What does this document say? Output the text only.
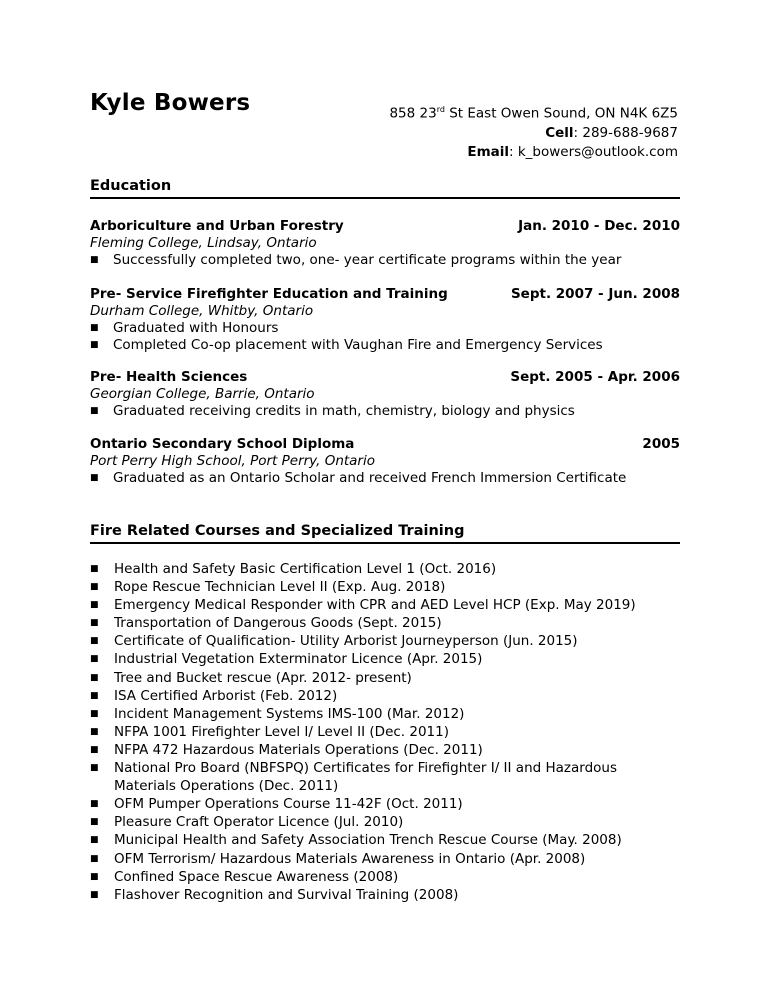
Kyle Bowers	858 23rd St East Owen Sound, ON N4K 6Z5
Cell: 289-688-9687
Email: k_bowers@outlook.com
Education
Arboriculture and Urban Forestry	Jan. 2010 - Dec. 2010
Fleming College, Lindsay, Ontario
■	Successfully completed two, one- year certificate programs within the year
Pre- Service Firefighter Education and Training	Sept. 2007 - Jun. 2008
Durham College, Whitby, Ontario
■	Graduated with Honours
■	Completed Co-op placement with Vaughan Fire and Emergency Services
Pre- Health Sciences	Sept. 2005 - Apr. 2006
Georgian College, Barrie, Ontario
■	Graduated receiving credits in math, chemistry, biology and physics
Ontario Secondary School Diploma	2005
Port Perry High School, Port Perry, Ontario
■	Graduated as an Ontario Scholar and received French Immersion Certificate
Fire Related Courses and Specialized Training
■	Health and Safety Basic Certification Level 1 (Oct. 2016)
■	Rope Rescue Technician Level II (Exp. Aug. 2018)
■	Emergency Medical Responder with CPR and AED Level HCP (Exp. May 2019)
■	Transportation of Dangerous Goods (Sept. 2015)
■	Certificate of Qualification- Utility Arborist Journeyperson (Jun. 2015)
■	Industrial Vegetation Exterminator Licence (Apr. 2015)
■	Tree and Bucket rescue (Apr. 2012- present)
■	ISA Certified Arborist (Feb. 2012)
■	Incident Management Systems IMS-100 (Mar. 2012)
■	NFPA 1001 Firefighter Level I/ Level II (Dec. 2011)
■	NFPA 472 Hazardous Materials Operations (Dec. 2011)
■	National Pro Board (NBFSPQ) Certificates for Firefighter I/ II and Hazardous Materials Operations (Dec. 2011)
■	OFM Pumper Operations Course 11-42F (Oct. 2011)
■	Pleasure Craft Operator Licence (Jul. 2010)
■	Municipal Health and Safety Association Trench Rescue Course (May. 2008)
■	OFM Terrorism/ Hazardous Materials Awareness in Ontario (Apr. 2008)
■	Confined Space Rescue Awareness (2008)
■	Flashover Recognition and Survival Training (2008)
